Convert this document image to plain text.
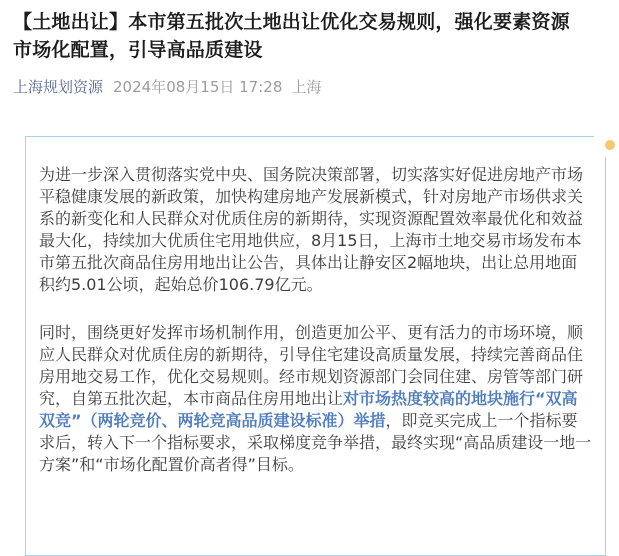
【土地出让】本市第五批次土地出让优化交易规则，强化要素资源市场化配置，引导高品质建设
上海规划资源 2024年08月15日 17:28 上海

为进一步深入贯彻落实党中央、国务院决策部署，切实落实好促进房地产市场平稳健康发展的新政策，加快构建房地产发展新模式，针对房地产市场供求关系的新变化和人民群众对优质住房的新期待，实现资源配置效率最优化和效益最大化，持续加大优质住宅用地供应，8月15日，上海市土地交易市场发布本市第五批次商品住房用地出让公告，具体出让静安区2幅地块，出让总用地面积约5.01公顷，起始总价106.79亿元。

同时，围绕更好发挥市场机制作用，创造更加公平、更有活力的市场环境，顺应人民群众对优质住房的新期待，引导住宅建设高质量发展，持续完善商品住房用地交易工作，优化交易规则。经市规划资源部门会同住建、房管等部门研究，自第五批次起，本市商品住房用地出让对市场热度较高的地块施行“双高双竞”（两轮竞价、两轮竞高品质建设标准）举措，即竞买完成上一个指标要求后，转入下一个指标要求，采取梯度竞争举措，最终实现“高品质建设一地一方案”和“市场化配置价高者得”目标。
